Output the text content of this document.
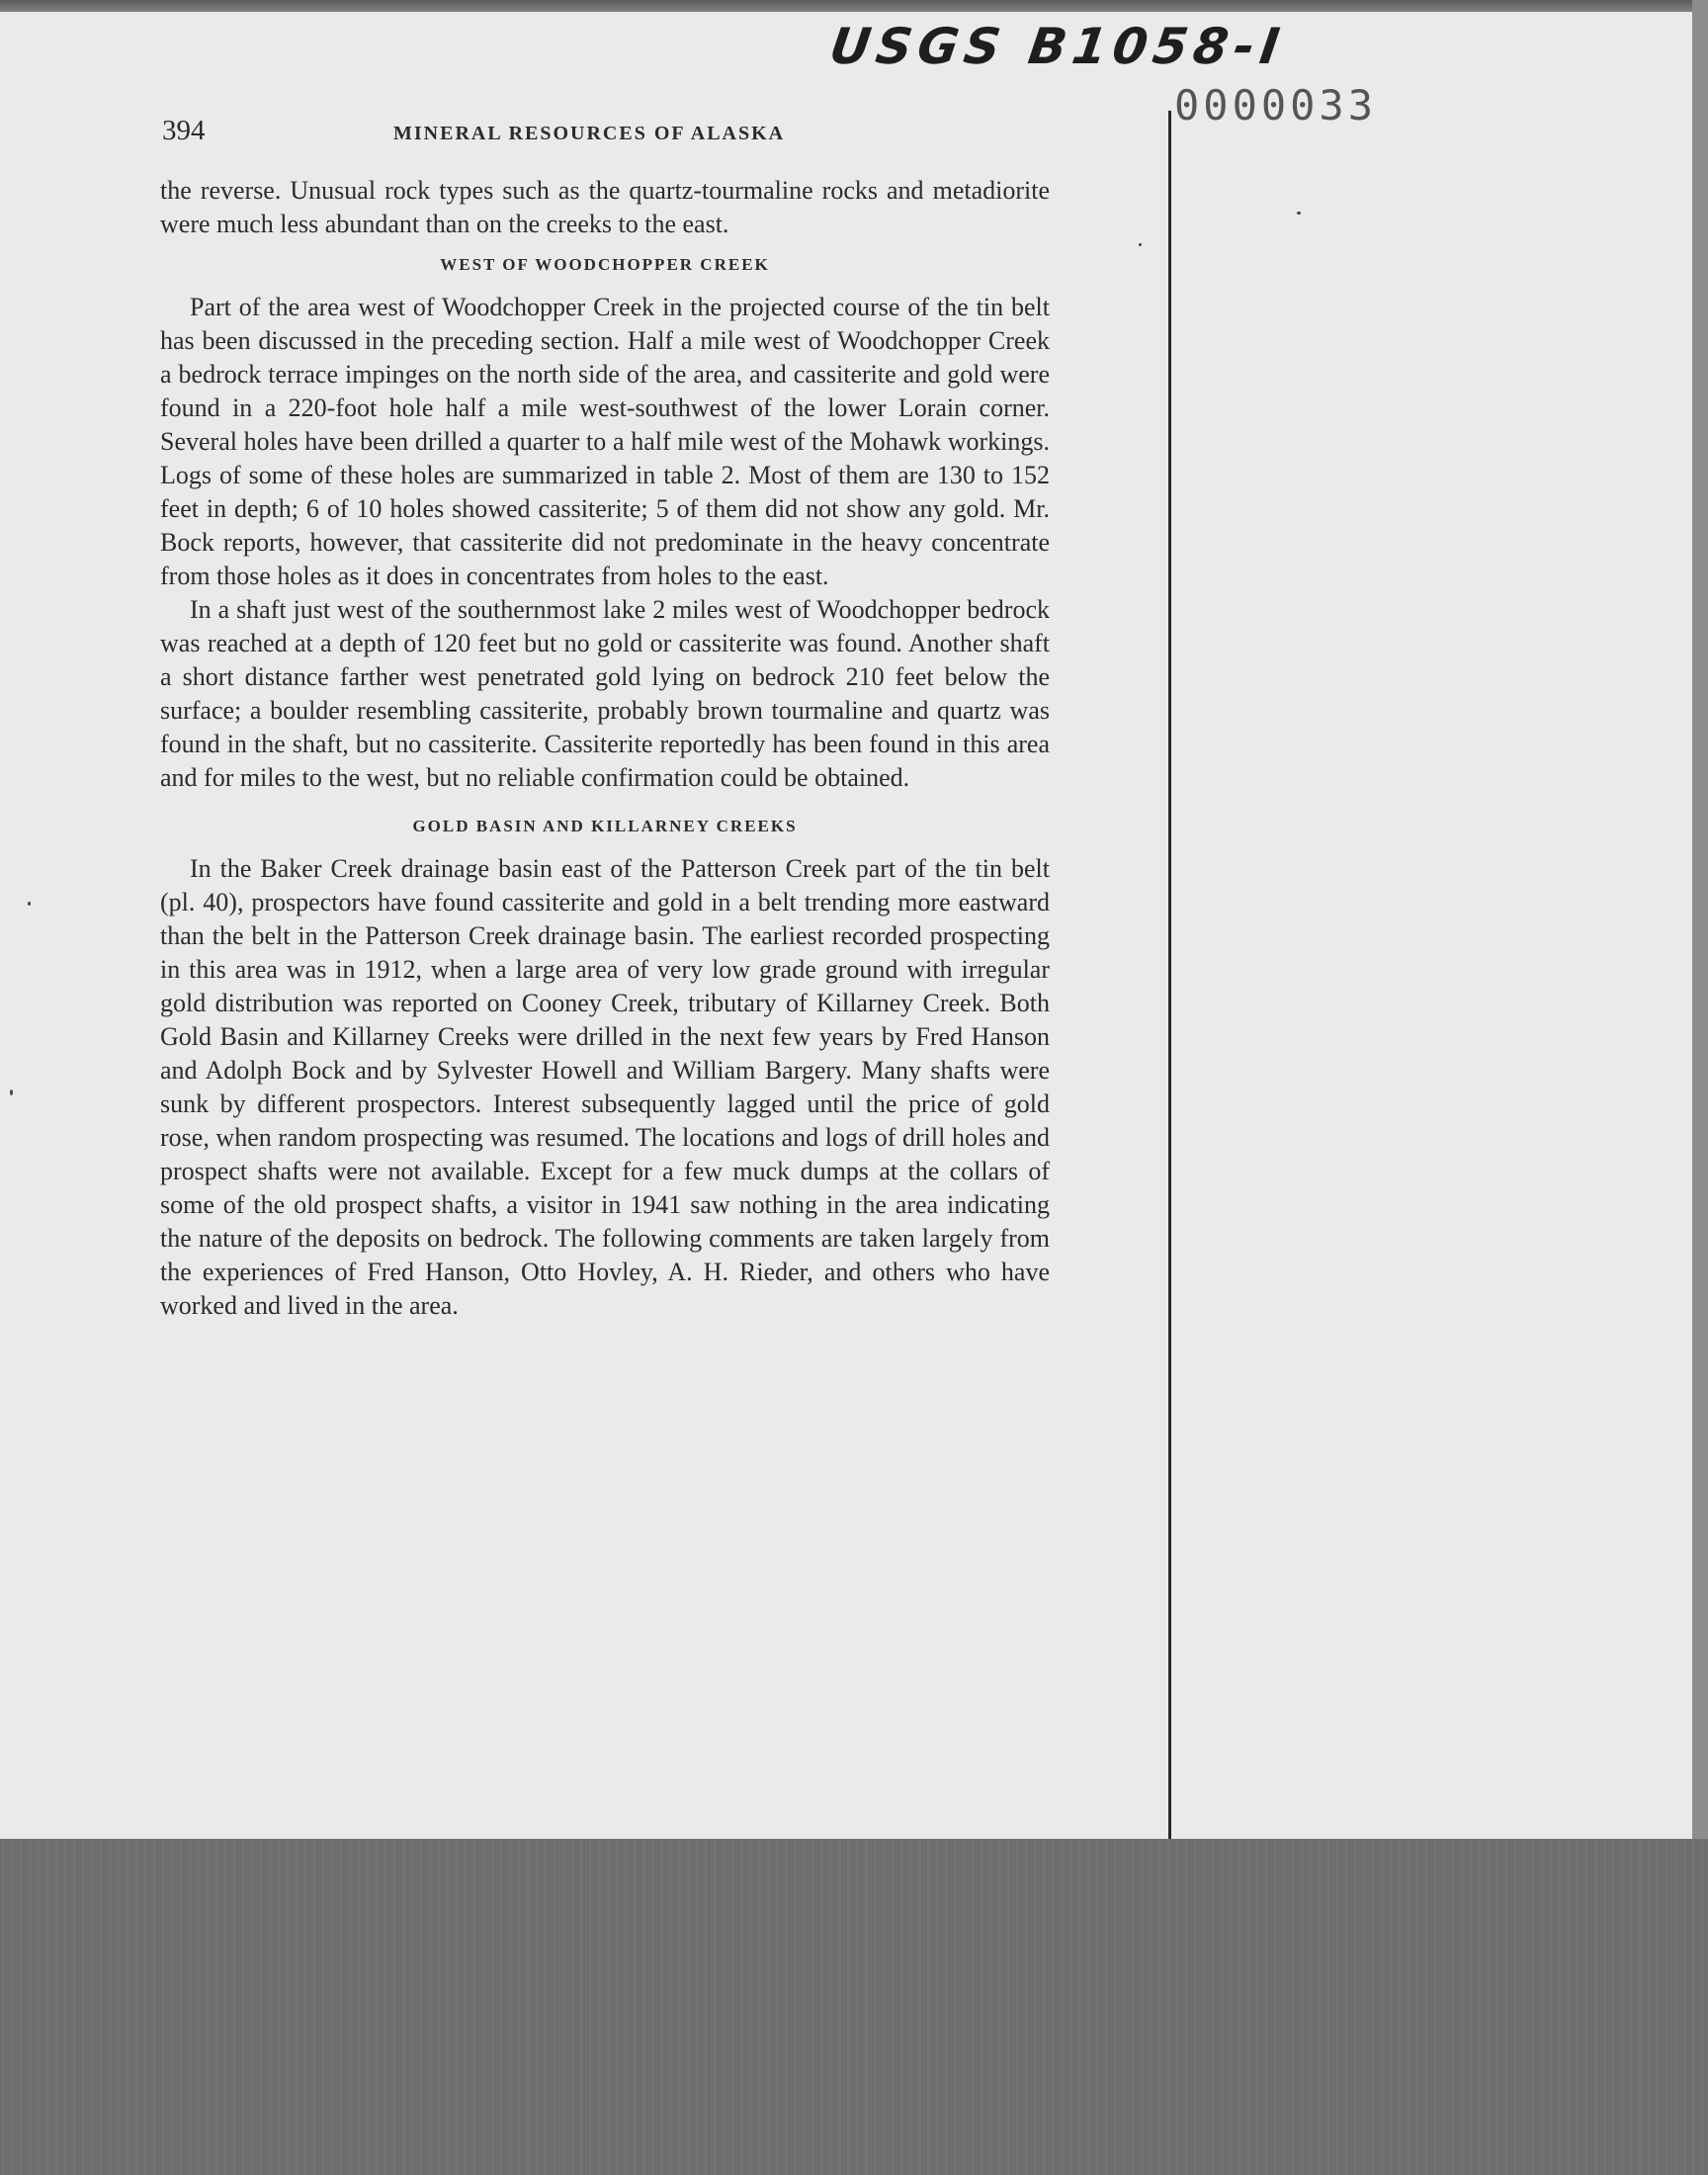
USGS B1058-I
0000033
394	MINERAL RESOURCES OF ALASKA

the reverse. Unusual rock types such as the quartz-tourmaline rocks and metadiorite were much less abundant than on the creeks to the east.

WEST OF WOODCHOPPER CREEK

Part of the area west of Woodchopper Creek in the projected course of the tin belt has been discussed in the preceding section. Half a mile west of Woodchopper Creek a bedrock terrace impinges on the north side of the area, and cassiterite and gold were found in a 220-foot hole half a mile west-southwest of the lower Lorain corner. Several holes have been drilled a quarter to a half mile west of the Mohawk workings. Logs of some of these holes are summarized in table 2. Most of them are 130 to 152 feet in depth; 6 of 10 holes showed cassiterite; 5 of them did not show any gold. Mr. Bock reports, however, that cassiterite did not predominate in the heavy concentrate from those holes as it does in concentrates from holes to the east.

In a shaft just west of the southernmost lake 2 miles west of Woodchopper bedrock was reached at a depth of 120 feet but no gold or cassiterite was found. Another shaft a short distance farther west penetrated gold lying on bedrock 210 feet below the surface; a boulder resembling cassiterite, probably brown tourmaline and quartz was found in the shaft, but no cassiterite. Cassiterite reportedly has been found in this area and for miles to the west, but no reliable confirmation could be obtained.

GOLD BASIN AND KILLARNEY CREEKS

In the Baker Creek drainage basin east of the Patterson Creek part of the tin belt (pl. 40), prospectors have found cassiterite and gold in a belt trending more eastward than the belt in the Patterson Creek drainage basin. The earliest recorded prospecting in this area was in 1912, when a large area of very low grade ground with irregular gold distribution was reported on Cooney Creek, tributary of Killarney Creek. Both Gold Basin and Killarney Creeks were drilled in the next few years by Fred Hanson and Adolph Bock and by Sylvester Howell and William Bargery. Many shafts were sunk by different prospectors. Interest subsequently lagged until the price of gold rose, when random prospecting was resumed. The locations and logs of drill holes and prospect shafts were not available. Except for a few muck dumps at the collars of some of the old prospect shafts, a visitor in 1941 saw nothing in the area indicating the nature of the deposits on bedrock. The following comments are taken largely from the experiences of Fred Hanson, Otto Hovley, A. H. Rieder, and others who have worked and lived in the area.
